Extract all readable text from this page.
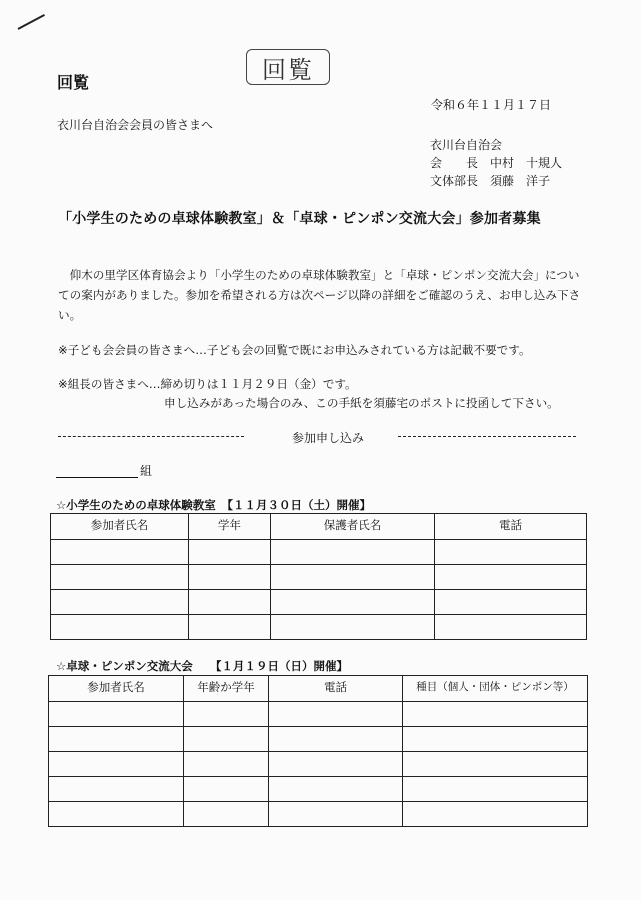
回覧	回覧
令和６年１１月１７日
衣川台自治会会員の皆さまへ
衣川台自治会
会　　長　中村　十規人
文体部長　須藤　洋子
「小学生のための卓球体験教室」＆「卓球・ピンポン交流大会」参加者募集
　仰木の里学区体育協会より「小学生のための卓球体験教室」と「卓球・ピンポン交流大会」についての案内がありました。参加を希望される方は次ページ以降の詳細をご確認のうえ、お申し込み下さい。
※子ども会会員の皆さまへ…子ども会の回覧で既にお申込みされている方は記載不要です。
※組長の皆さまへ…締め切りは１１月２９日（金）です。
申し込みがあった場合のみ、この手紙を須藤宅のポストに投函して下さい。
参加申し込み
組
☆小学生のための卓球体験教室　【１１月３０日（土）開催】
参加者氏名	学年	保護者氏名	電話

☆卓球・ピンポン交流大会　　【１月１９日（日）開催】
参加者氏名	年齢か学年	電話	種目（個人・団体・ピンポン等）
